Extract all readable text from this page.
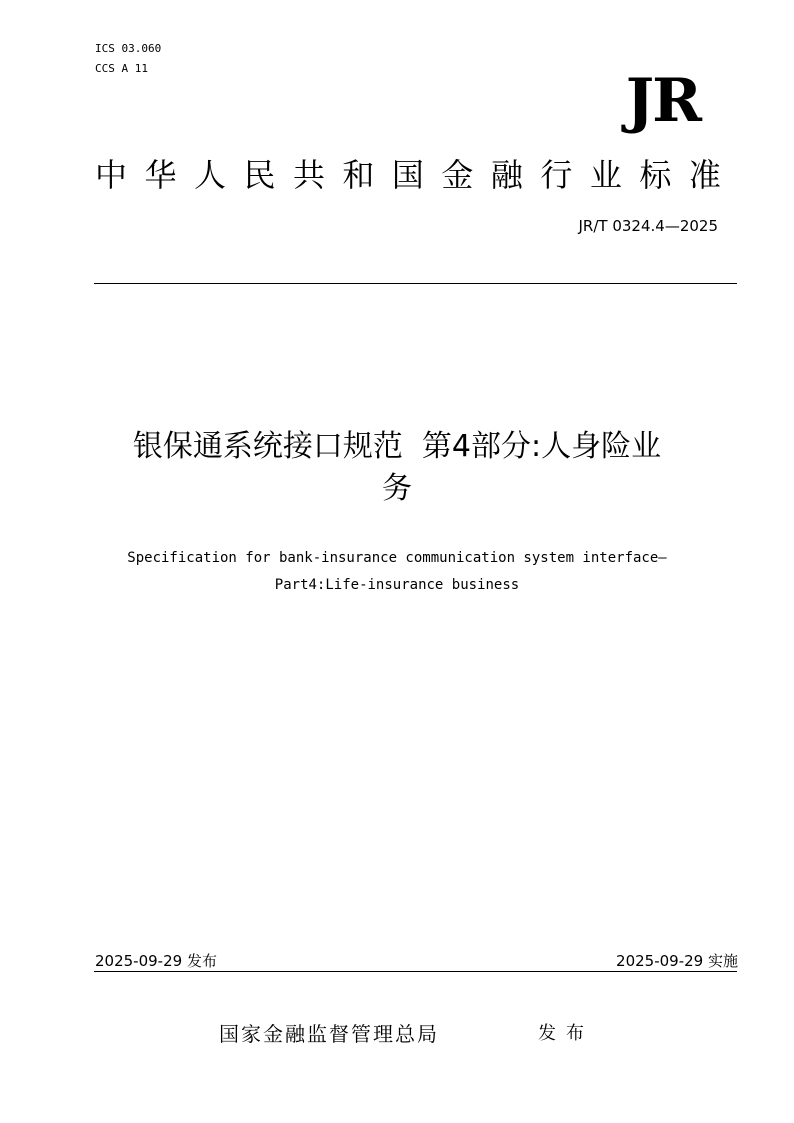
ICS 03.060
CCS A 11	JR
中 华 人 民 共 和 国 金 融 行 业 标 准
JR/T 0324.4—2025
银保通系统接口规范  第4部分:人身险业
务
Specification for bank-insurance communication system interface—
Part4:Life-insurance business
2025-09-29 发布	2025-09-29 实施
国家金融监督管理总局	发布
